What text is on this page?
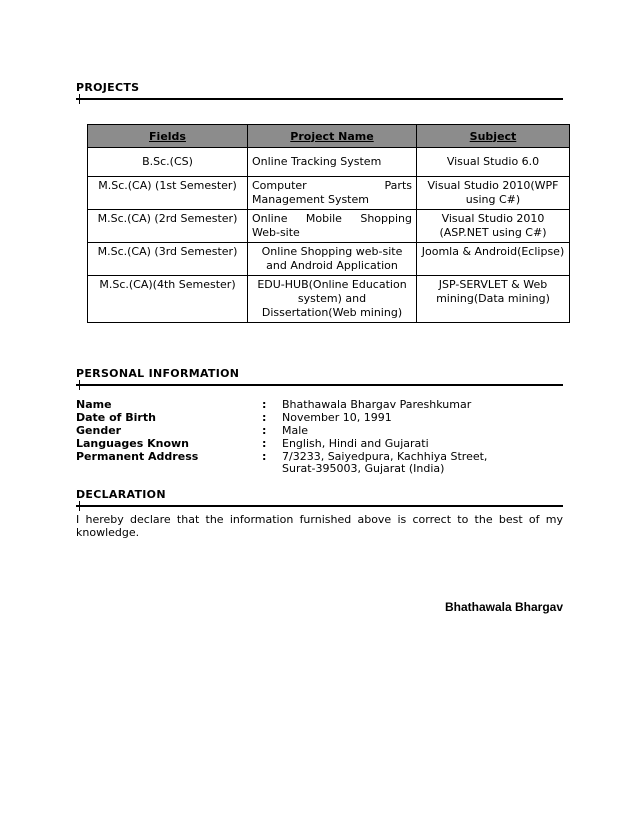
PROJECTS
Fields	Project Name	Subject
B.Sc.(CS)	Online Tracking System	Visual Studio 6.0
M.Sc.(CA) (1st Semester)	Computer Parts Management System	Visual Studio 2010(WPF using C#)
M.Sc.(CA) (2rd Semester)	Online Mobile Shopping Web-site	Visual Studio 2010 (ASP.NET using C#)
M.Sc.(CA) (3rd Semester)	Online Shopping web-site and Android Application	Joomla & Android(Eclipse)
M.Sc.(CA)(4th Semester)	EDU-HUB(Online Education system) and Dissertation(Web mining)	JSP-SERVLET & Web mining(Data mining)
PERSONAL INFORMATION
Name	: Bhathawala Bhargav Pareshkumar
Date of Birth	: November 10, 1991
Gender	: Male
Languages Known	: English, Hindi and Gujarati
Permanent Address	: 7/3233, Saiyedpura, Kachhiya Street,
Surat-395003, Gujarat (India)
DECLARATION
I hereby declare that the information furnished above is correct to the best of my knowledge.
Bhathawala Bhargav
